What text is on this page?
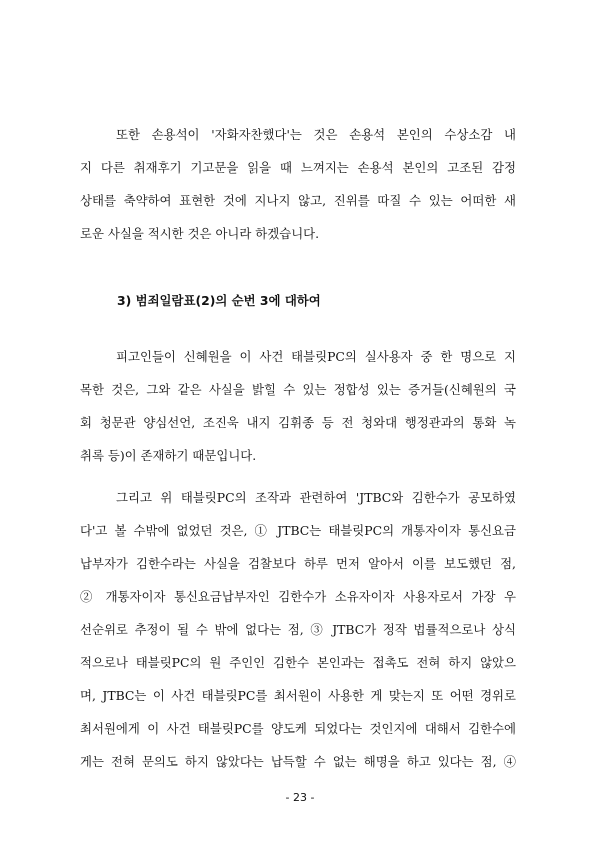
또한 손용석이 '자화자찬했다'는 것은 손용석 본인의 수상소감 내
지 다른 취재후기 기고문을 읽을 때 느껴지는 손용석 본인의 고조된 감정
상태를 축약하여 표현한 것에 지나지 않고, 진위를 따질 수 있는 어떠한 새
로운 사실을 적시한 것은 아니라 하겠습니다.
3) 범죄일람표(2)의 순번 3에 대하여
피고인들이 신혜원을 이 사건 태블릿PC의 실사용자 중 한 명으로 지
목한 것은, 그와 같은 사실을 밝힐 수 있는 정합성 있는 증거들(신혜원의 국
회 청문관 양심선언, 조진욱 내지 김휘종 등 전 청와대 행정관과의 통화 녹
취록 등)이 존재하기 때문입니다.
그리고 위 태블릿PC의 조작과 관련하여 'JTBC와 김한수가 공모하였
다'고 볼 수밖에 없었던 것은, ① JTBC는 태블릿PC의 개통자이자 통신요금
납부자가 김한수라는 사실을 검찰보다 하루 먼저 알아서 이를 보도했던 점,
② 개통자이자 통신요금납부자인 김한수가 소유자이자 사용자로서 가장 우
선순위로 추정이 될 수 밖에 없다는 점, ③ JTBC가 정작 법률적으로나 상식
적으로나 태블릿PC의 원 주인인 김한수 본인과는 접촉도 전혀 하지 않았으
며, JTBC는 이 사건 태블릿PC를 최서원이 사용한 게 맞는지 또 어떤 경위로
최서원에게 이 사건 태블릿PC를 양도케 되었다는 것인지에 대해서 김한수에
게는 전혀 문의도 하지 않았다는 납득할 수 없는 해명을 하고 있다는 점, ④
- 23 -
